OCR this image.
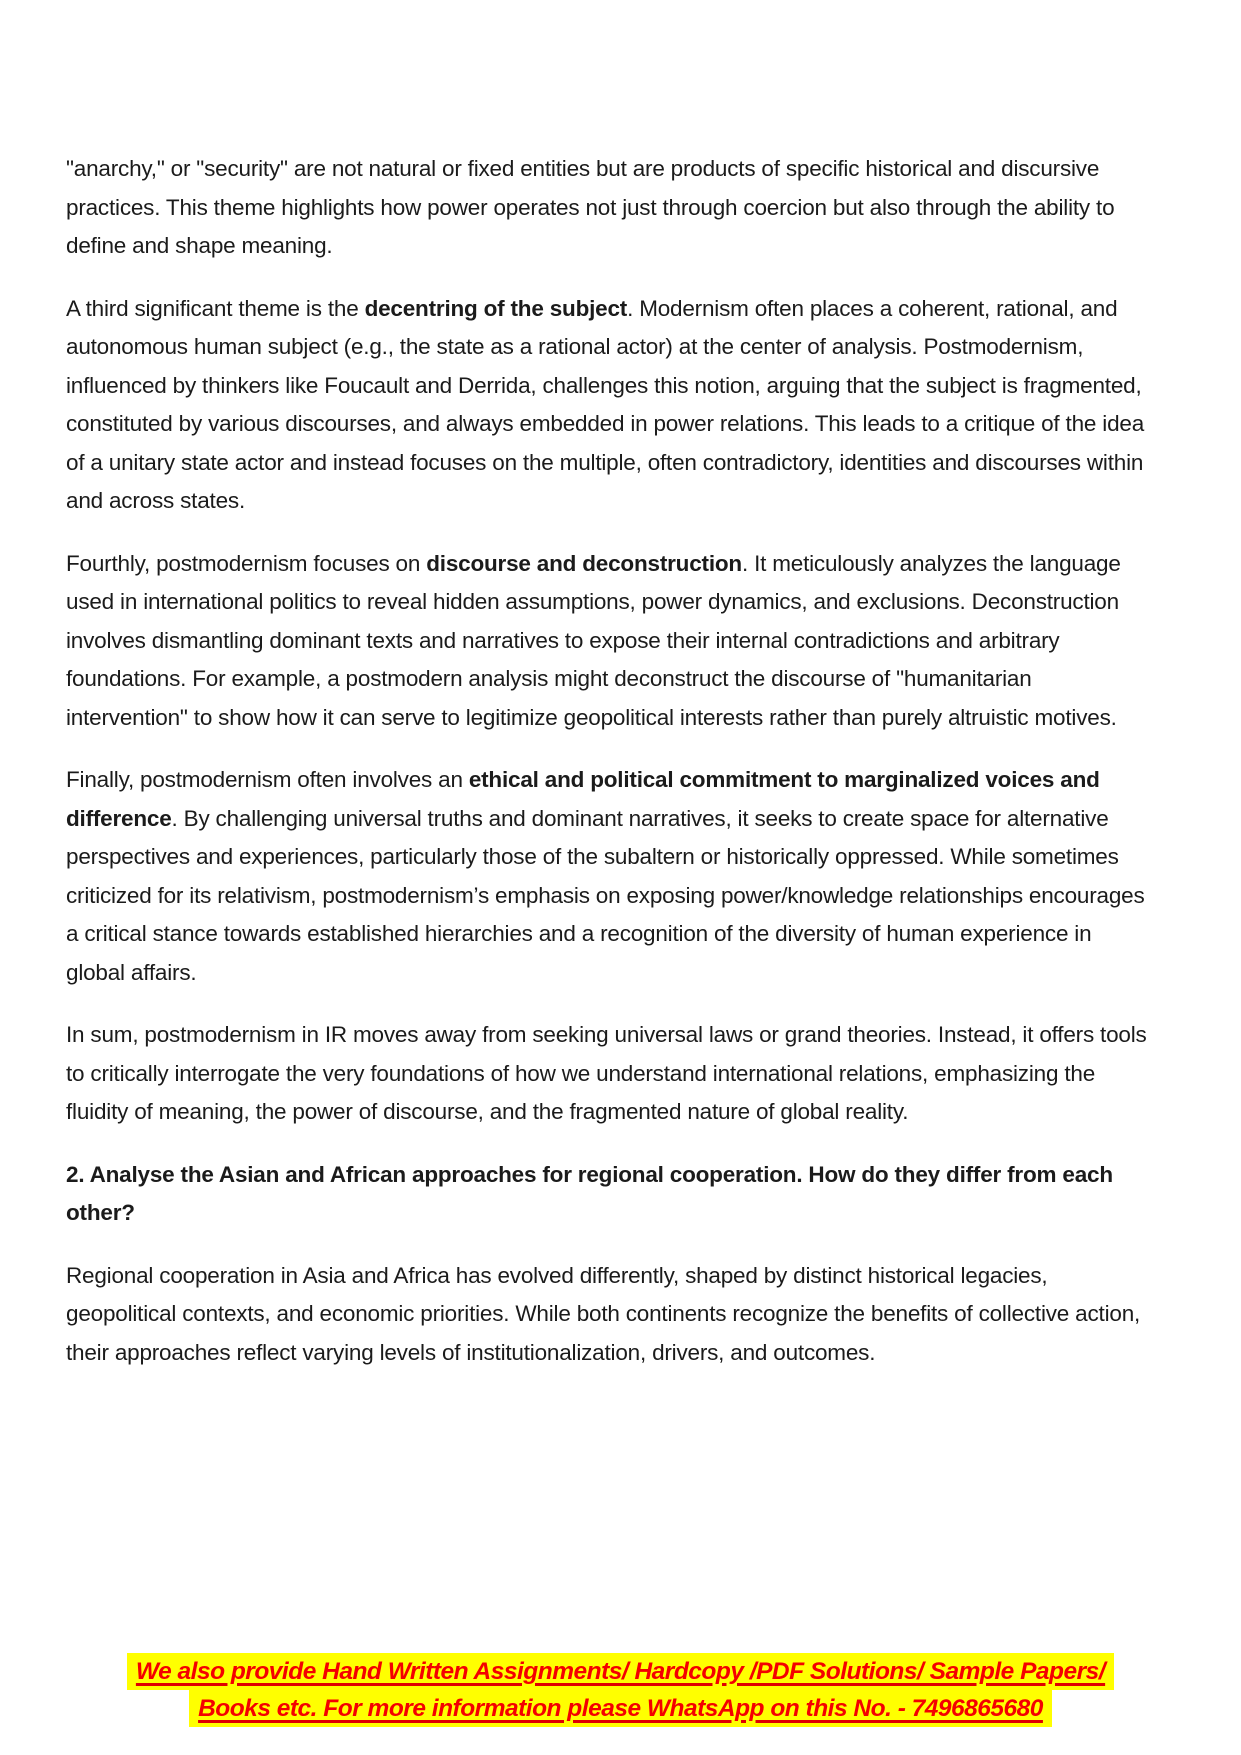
"anarchy," or "security" are not natural or fixed entities but are products of specific historical and discursive practices. This theme highlights how power operates not just through coercion but also through the ability to define and shape meaning.

A third significant theme is the decentring of the subject. Modernism often places a coherent, rational, and autonomous human subject (e.g., the state as a rational actor) at the center of analysis. Postmodernism, influenced by thinkers like Foucault and Derrida, challenges this notion, arguing that the subject is fragmented, constituted by various discourses, and always embedded in power relations. This leads to a critique of the idea of a unitary state actor and instead focuses on the multiple, often contradictory, identities and discourses within and across states.

Fourthly, postmodernism focuses on discourse and deconstruction. It meticulously analyzes the language used in international politics to reveal hidden assumptions, power dynamics, and exclusions. Deconstruction involves dismantling dominant texts and narratives to expose their internal contradictions and arbitrary foundations. For example, a postmodern analysis might deconstruct the discourse of "humanitarian intervention" to show how it can serve to legitimize geopolitical interests rather than purely altruistic motives.

Finally, postmodernism often involves an ethical and political commitment to marginalized voices and difference. By challenging universal truths and dominant narratives, it seeks to create space for alternative perspectives and experiences, particularly those of the subaltern or historically oppressed. While sometimes criticized for its relativism, postmodernism’s emphasis on exposing power/knowledge relationships encourages a critical stance towards established hierarchies and a recognition of the diversity of human experience in global affairs.

In sum, postmodernism in IR moves away from seeking universal laws or grand theories. Instead, it offers tools to critically interrogate the very foundations of how we understand international relations, emphasizing the fluidity of meaning, the power of discourse, and the fragmented nature of global reality.

2. Analyse the Asian and African approaches for regional cooperation. How do they differ from each other?

Regional cooperation in Asia and Africa has evolved differently, shaped by distinct historical legacies, geopolitical contexts, and economic priorities. While both continents recognize the benefits of collective action, their approaches reflect varying levels of institutionalization, drivers, and outcomes.

We also provide Hand Written Assignments/ Hardcopy /PDF Solutions/ Sample Papers/
Books etc. For more information please WhatsApp on this No. - 7496865680
